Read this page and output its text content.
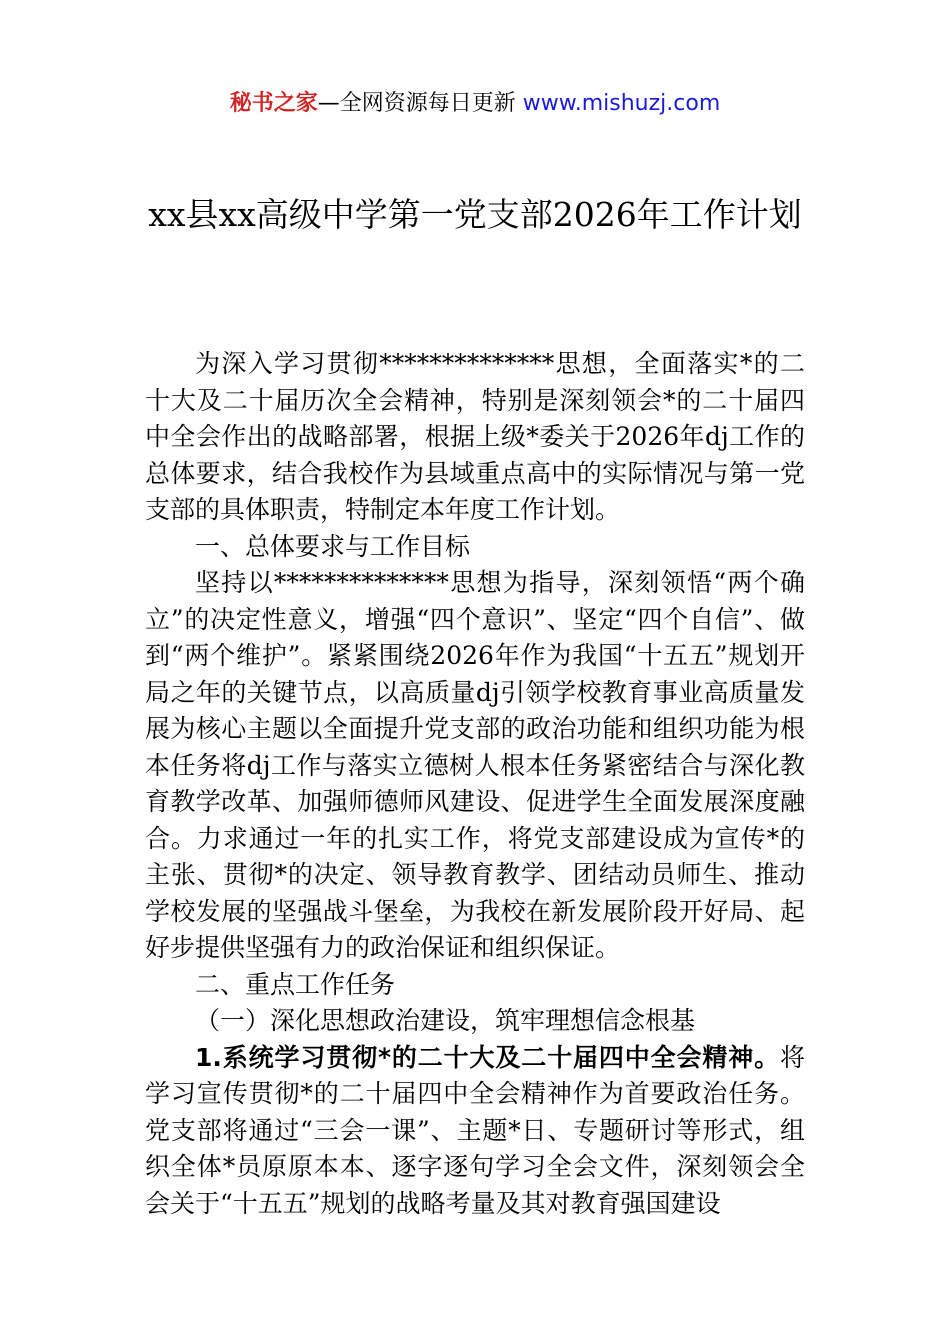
秘书之家—全网资源每日更新 www.mishuzj.com
xx县xx高级中学第一党支部2026年工作计划

为深入学习贯彻**************思想，全面落实*的二十大及二十届历次全会精神，特别是深刻领会*的二十届四中全会作出的战略部署，根据上级*委关于2026年dj工作的总体要求，结合我校作为县域重点高中的实际情况与第一党支部的具体职责，特制定本年度工作计划。

一、总体要求与工作目标

坚持以**************思想为指导，深刻领悟“两个确立”的决定性意义，增强“四个意识”、坚定“四个自信”、做到“两个维护”。紧紧围绕2026年作为我国“十五五”规划开局之年的关键节点，以高质量dj引领学校教育事业高质量发展为核心主题以全面提升党支部的政治功能和组织功能为根本任务将dj工作与落实立德树人根本任务紧密结合与深化教育教学改革、加强师德师风建设、促进学生全面发展深度融合。力求通过一年的扎实工作，将党支部建设成为宣传*的主张、贯彻*的决定、领导教育教学、团结动员师生、推动学校发展的坚强战斗堡垒，为我校在新发展阶段开好局、起好步提供坚强有力的政治保证和组织保证。

二、重点工作任务

（一）深化思想政治建设，筑牢理想信念根基

1.系统学习贯彻*的二十大及二十届四中全会精神。将学习宣传贯彻*的二十届四中全会精神作为首要政治任务。党支部将通过“三会一课”、主题*日、专题研讨等形式，组织全体*员原原本本、逐字逐句学习全会文件，深刻领会全会关于“十五五”规划的战略考量及其对教育强国建设
